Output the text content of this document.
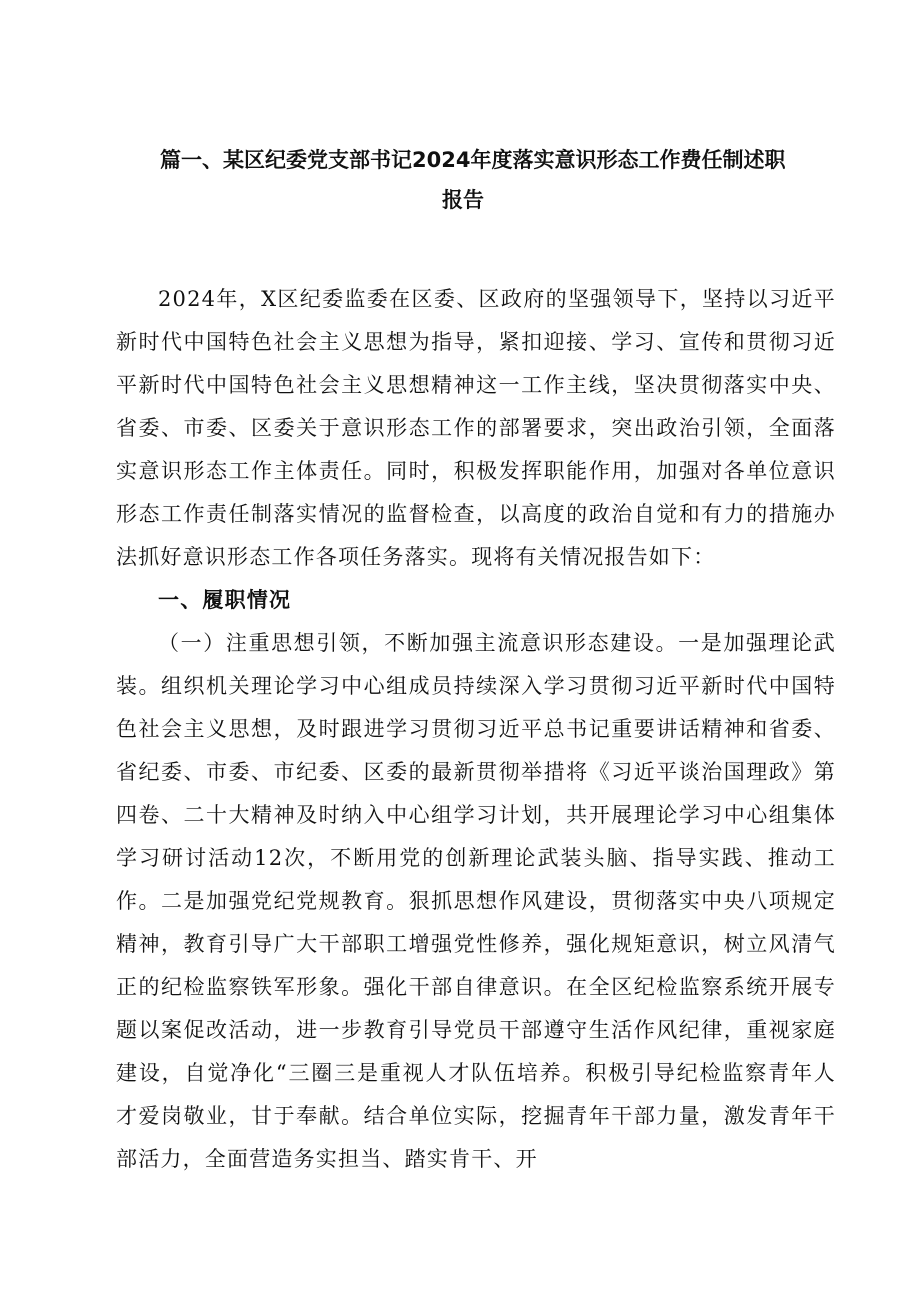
篇一、某区纪委党支部书记2024年度落实意识形态工作费任制述职
报告

2024年，X区纪委监委在区委、区政府的坚强领导下，坚持以习近平新时代中国特色社会主义思想为指导，紧扣迎接、学习、宣传和贯彻习近平新时代中国特色社会主义思想精神这一工作主线，坚决贯彻落实中央、省委、市委、区委关于意识形态工作的部署要求，突出政治引领，全面落实意识形态工作主体责任。同时，积极发挥职能作用，加强对各单位意识形态工作责任制落实情况的监督检查，以高度的政治自觉和有力的措施办法抓好意识形态工作各项任务落实。现将有关情况报告如下：

一、履职情况

（一）注重思想引领，不断加强主流意识形态建设。一是加强理论武装。组织机关理论学习中心组成员持续深入学习贯彻习近平新时代中国特色社会主义思想，及时跟进学习贯彻习近平总书记重要讲话精神和省委、省纪委、市委、市纪委、区委的最新贯彻举措将《习近平谈治国理政》第四卷、二十大精神及时纳入中心组学习计划，共开展理论学习中心组集体学习研讨活动12次，不断用党的创新理论武装头脑、指导实践、推动工作。二是加强党纪党规教育。狠抓思想作风建设，贯彻落实中央八项规定精神，教育引导广大干部职工增强党性修养，强化规矩意识，树立风清气正的纪检监察铁军形象。强化干部自律意识。在全区纪检监察系统开展专题以案促改活动，进一步教育引导党员干部遵守生活作风纪律，重视家庭建设，自觉净化“三圈三是重视人才队伍培养。积极引导纪检监察青年人才爱岗敬业，甘于奉献。结合单位实际，挖掘青年干部力量，激发青年干部活力，全面营造务实担当、踏实肯干、开
